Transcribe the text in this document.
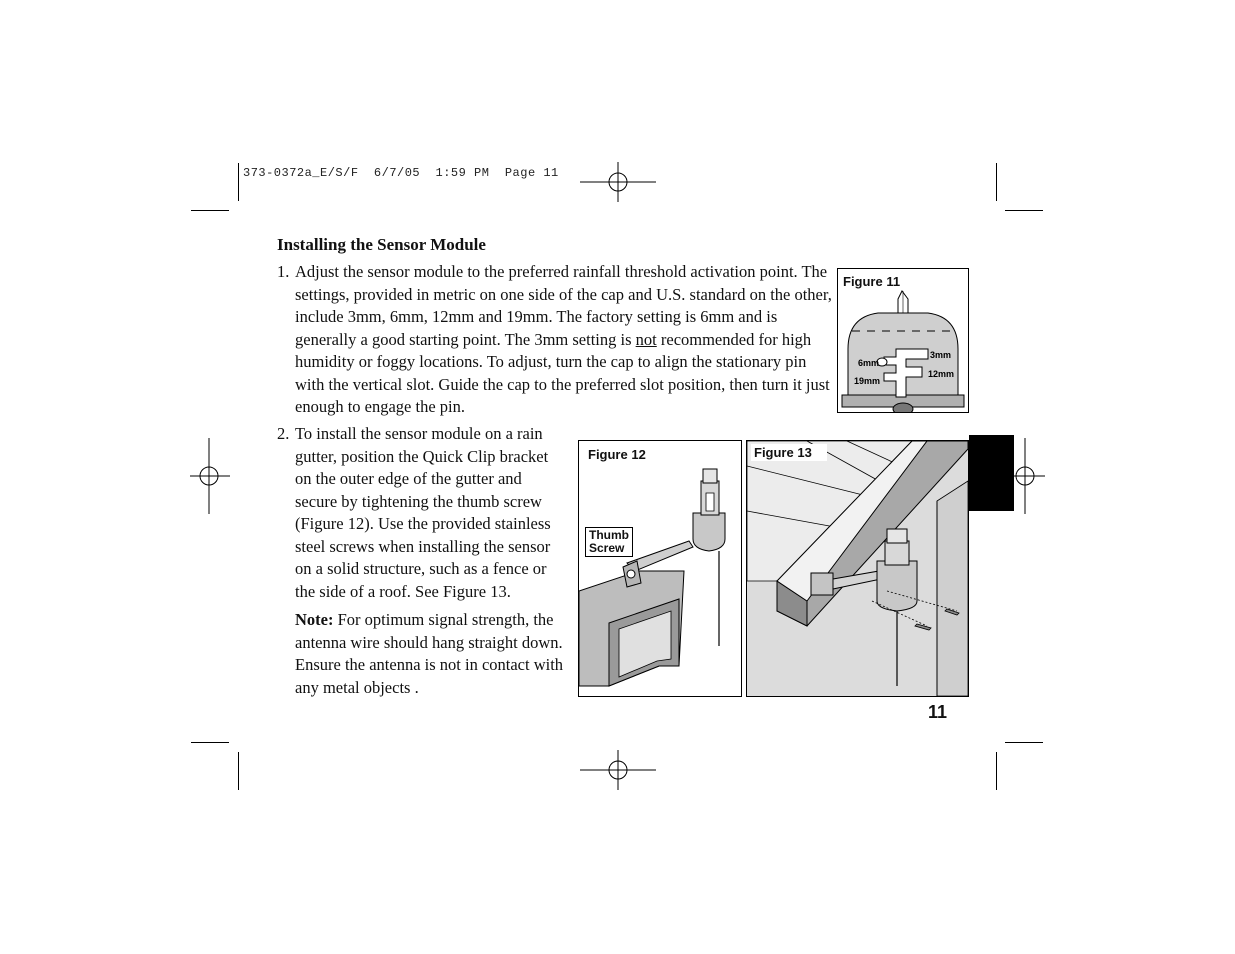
373-0372a_E/S/F  6/7/05  1:59 PM  Page 11
Installing the Sensor Module
1. Adjust the sensor module to the preferred rainfall threshold activation point. The settings, provided in metric on one side of the cap and U.S. standard on the other, include 3mm, 6mm, 12mm and 19mm. The factory setting is 6mm and is generally a good starting point. The 3mm setting is not recommended for high humidity or foggy locations. To adjust, turn the cap to align the stationary pin with the vertical slot. Guide the cap to the preferred slot position, then turn it just enough to engage the pin.
2. To install the sensor module on a rain gutter, position the Quick Clip bracket on the outer edge of the gutter and secure by tightening the thumb screw (Figure 12). Use the provided stainless steel screws when installing the sensor on a solid structure, such as a fence or the side of a roof. See Figure 13.
Note: For optimum signal strength, the antenna wire should hang straight down. Ensure the antenna is not in contact with any metal objects .
6mm
19mm
3mm
12mm
Figure 11
Figure 12
Thumb
Screw
Figure 13
11
